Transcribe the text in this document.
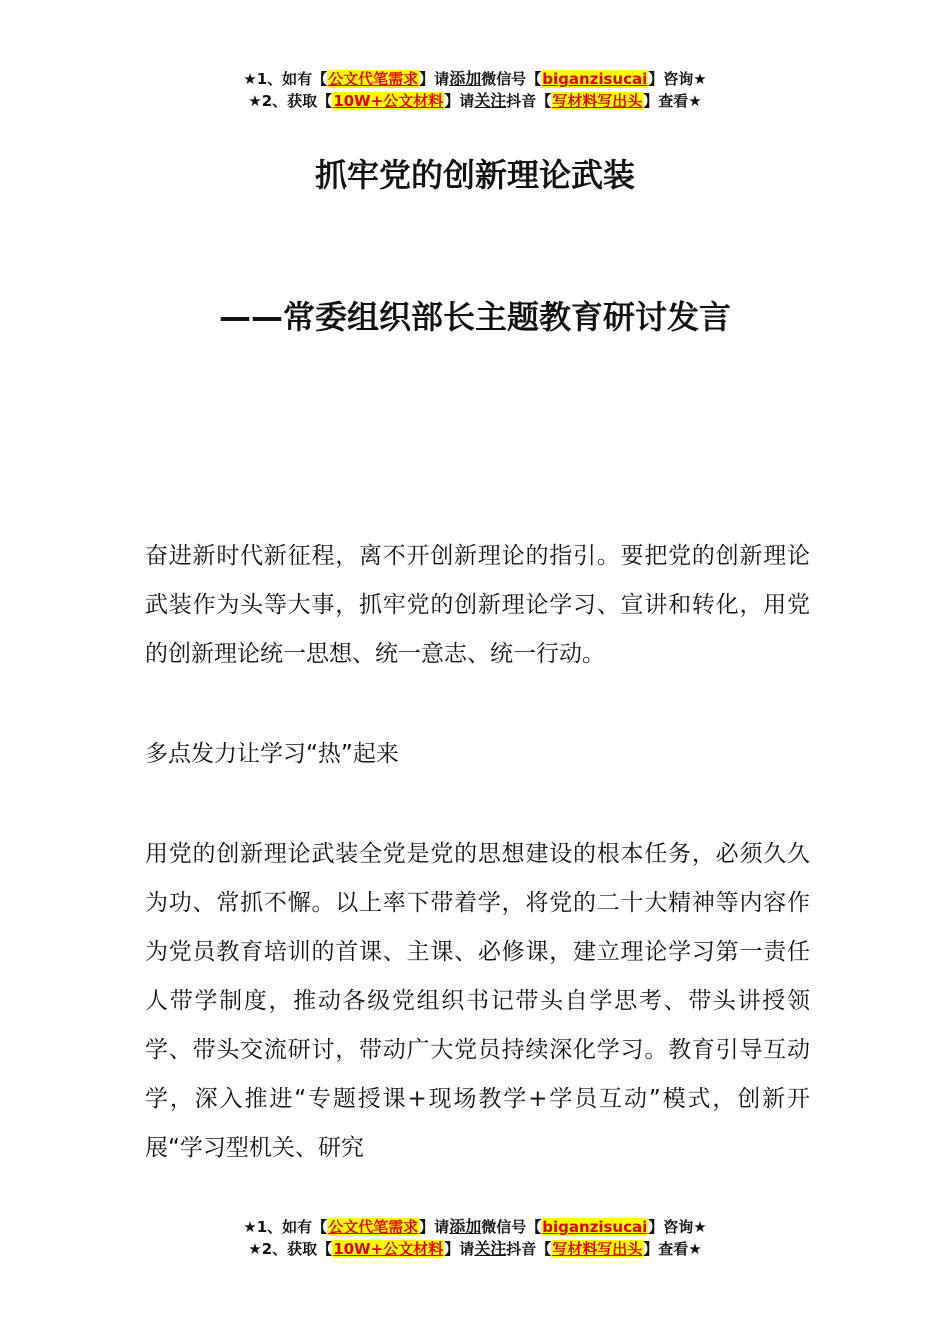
★1、如有【公文代笔需求】请添加微信号【biganzisucai】咨询★
★2、获取【10W+公文材料】请关注抖音【写材料写出头】查看★
抓牢党的创新理论武装
——常委组织部长主题教育研讨发言

奋进新时代新征程，离不开创新理论的指引。要把党的创新理论武装作为头等大事，抓牢党的创新理论学习、宣讲和转化，用党的创新理论统一思想、统一意志、统一行动。

多点发力让学习“热”起来

用党的创新理论武装全党是党的思想建设的根本任务，必须久久为功、常抓不懈。以上率下带着学，将党的二十大精神等内容作为党员教育培训的首课、主课、必修课，建立理论学习第一责任人带学制度，推动各级党组织书记带头自学思考、带头讲授领学、带头交流研讨，带动广大党员持续深化学习。教育引导互动学，深入推进“专题授课+现场教学+学员互动”模式，创新开展“学习型机关、研究

★1、如有【公文代笔需求】请添加微信号【biganzisucai】咨询★
★2、获取【10W+公文材料】请关注抖音【写材料写出头】查看★
